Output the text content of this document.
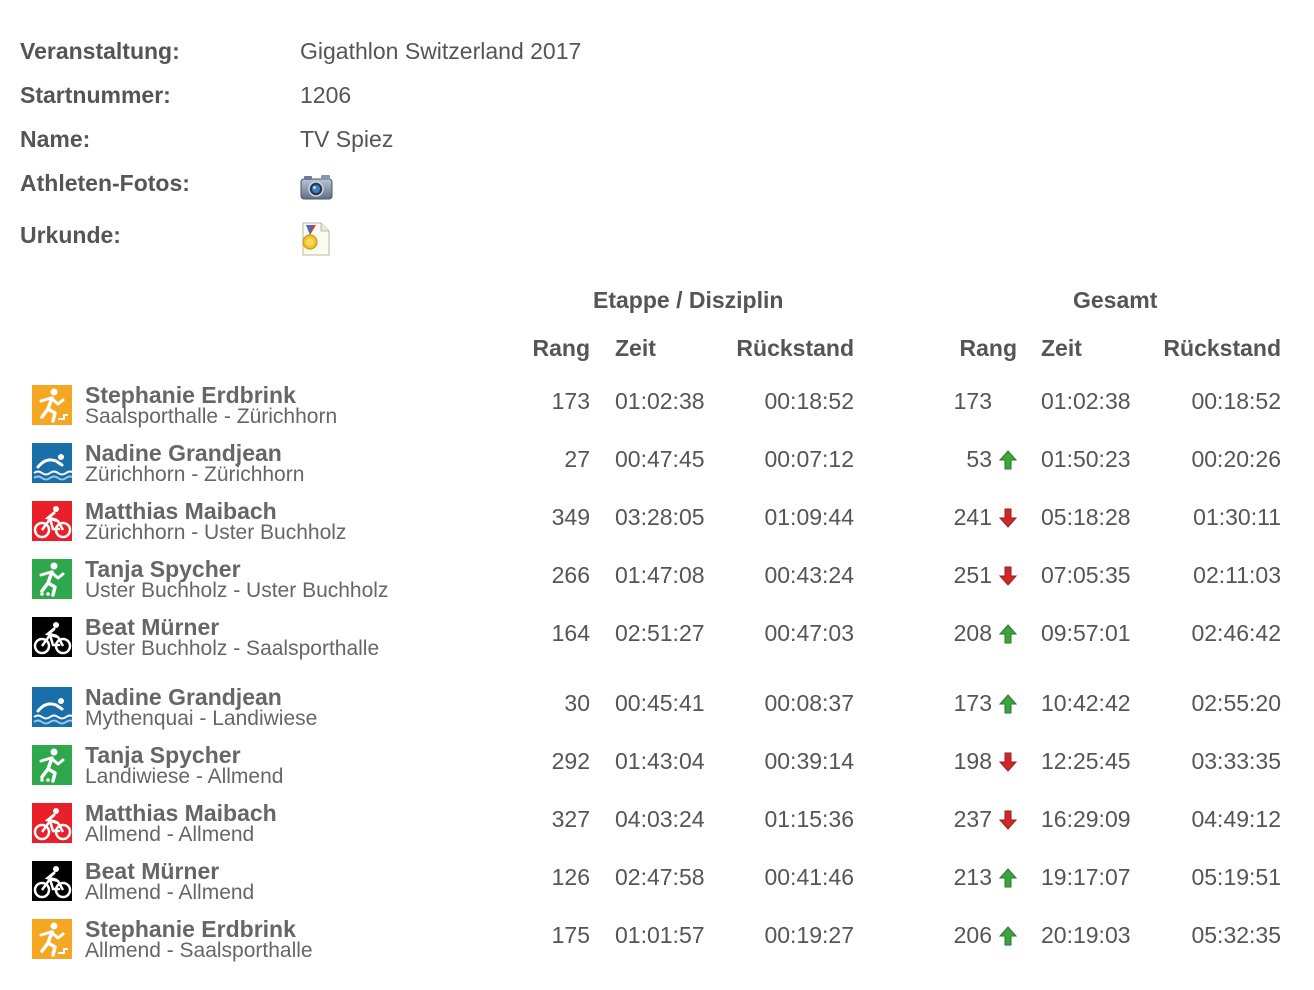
Veranstaltung:	Gigathlon Switzerland 2017
Startnummer:	1206
Name:	TV Spiez
Athleten-Fotos:
Urkunde:
Etappe / Disziplin	Gesamt
Rang Zeit	Rückstand	Rang Zeit	Rückstand
Stephanie Erdbrink
Saalsporthalle - Zürichhorn
173 01:02:38	00:18:52	173 01:02:38	00:18:52
Nadine Grandjean
Zürichhorn - Zürichhorn
27 00:47:45	00:07:12	53 01:50:23	00:20:26
Matthias Maibach
Zürichhorn - Uster Buchholz
349 03:28:05	01:09:44	241 05:18:28	01:30:11
Tanja Spycher
Uster Buchholz - Uster Buchholz
266 01:47:08	00:43:24	251 07:05:35	02:11:03
Beat Mürner
Uster Buchholz - Saalsporthalle
164 02:51:27	00:47:03	208 09:57:01	02:46:42
Nadine Grandjean
Mythenquai - Landiwiese
30 00:45:41	00:08:37	173 10:42:42	02:55:20
Tanja Spycher
Landiwiese - Allmend
292 01:43:04	00:39:14	198 12:25:45	03:33:35
Matthias Maibach
Allmend - Allmend
327 04:03:24	01:15:36	237 16:29:09	04:49:12
Beat Mürner
Allmend - Allmend
126 02:47:58	00:41:46	213 19:17:07	05:19:51
Stephanie Erdbrink
Allmend - Saalsporthalle
175 01:01:57	00:19:27	206 20:19:03	05:32:35
